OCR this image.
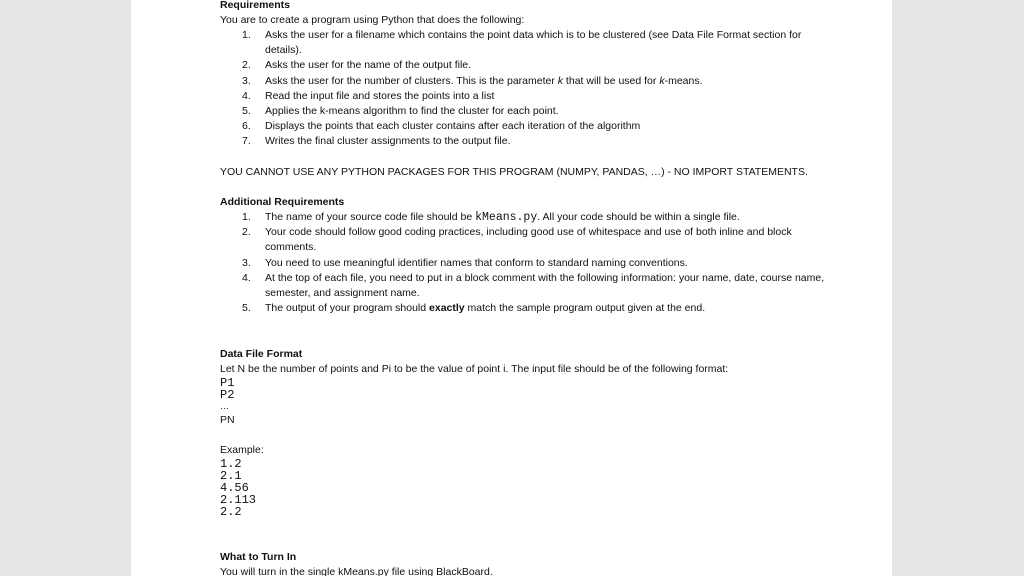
Requirements
You are to create a program using Python that does the following:
1.	Asks the user for a filename which contains the point data which is to be clustered (see Data File Format section for details).
2.	Asks the user for the name of the output file.
3.	Asks the user for the number of clusters. This is the parameter k that will be used for k-means.
4.	Read the input file and stores the points into a list
5.	Applies the k-means algorithm to find the cluster for each point.
6.	Displays the points that each cluster contains after each iteration of the algorithm
7.	Writes the final cluster assignments to the output file.
YOU CANNOT USE ANY PYTHON PACKAGES FOR THIS PROGRAM (NUMPY, PANDAS, …) - NO IMPORT STATEMENTS.
Additional Requirements
1.	The name of your source code file should be kMeans.py. All your code should be within a single file.
2.	Your code should follow good coding practices, including good use of whitespace and use of both inline and block comments.
3.	You need to use meaningful identifier names that conform to standard naming conventions.
4.	At the top of each file, you need to put in a block comment with the following information: your name, date, course name, semester, and assignment name.
5.	The output of your program should exactly match the sample program output given at the end.
Data File Format
Let N be the number of points and Pi to be the value of point i. The input file should be of the following format:
P1
P2
…
PN
Example:
1.2
2.1
4.56
2.113
2.2
What to Turn In
You will turn in the single kMeans.py file using BlackBoard.
